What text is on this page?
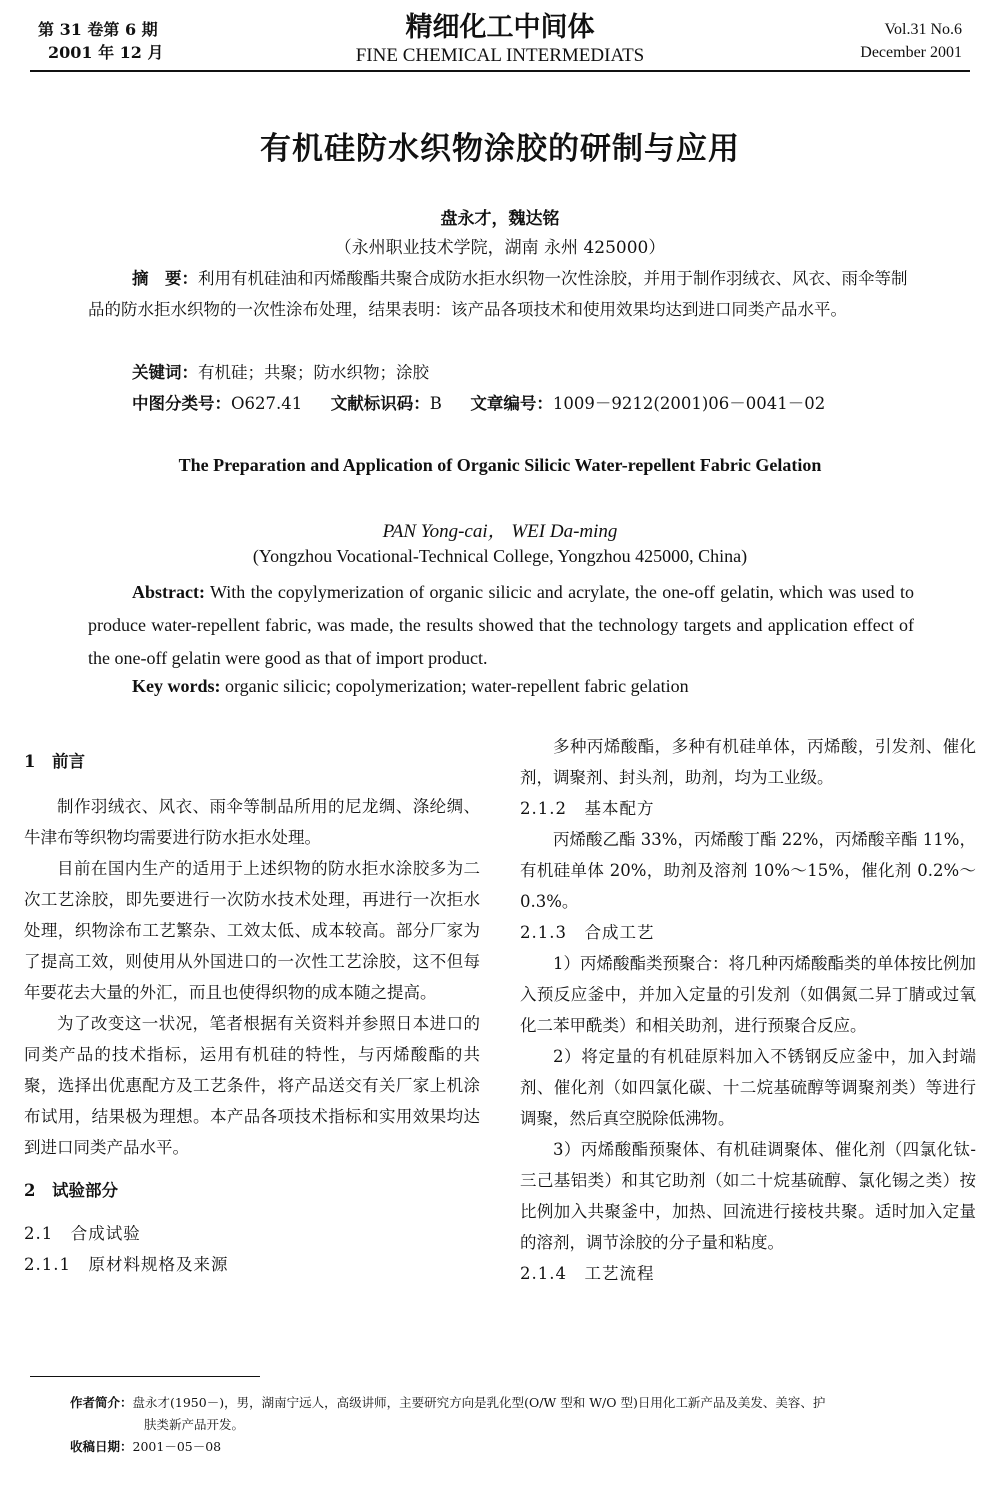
第 31 卷第 6 期
2001 年 12 月
精细化工中间体
FINE CHEMICAL INTERMEDIATS
Vol.31 No.6
December 2001
有机硅防水织物涂胶的研制与应用
盘永才，魏达铭
（永州职业技术学院，湖南 永州 425000）
摘　要：利用有机硅油和丙烯酸酯共聚合成防水拒水织物一次性涂胶，并用于制作羽绒衣、风衣、雨伞等制品的防水拒水织物的一次性涂布处理，结果表明：该产品各项技术和使用效果均达到进口同类产品水平。
关键词：有机硅；共聚；防水织物；涂胶
中图分类号：O627.41 文献标识码：B 文章编号：1009－9212(2001)06－0041－02
The Preparation and Application of Organic Silicic Water-repellent Fabric Gelation
PAN Yong-cai， WEI Da-ming
(Yongzhou Vocational-Technical College, Yongzhou 425000, China)
Abstract: With the copylymerization of organic silicic and acrylate, the one-off gelatin, which was used to produce water-repellent fabric, was made, the results showed that the technology targets and application effect of the one-off gelatin were good as that of import product.
Key words: organic silicic; copolymerization; water-repellent fabric gelation

1　前言

制作羽绒衣、风衣、雨伞等制品所用的尼龙绸、涤纶绸、牛津布等织物均需要进行防水拒水处理。

目前在国内生产的适用于上述织物的防水拒水涂胶多为二次工艺涂胶，即先要进行一次防水技术处理，再进行一次拒水处理，织物涂布工艺繁杂、工效太低、成本较高。部分厂家为了提高工效，则使用从外国进口的一次性工艺涂胶，这不但每年要花去大量的外汇，而且也使得织物的成本随之提高。

为了改变这一状况，笔者根据有关资料并参照日本进口的同类产品的技术指标，运用有机硅的特性，与丙烯酸酯的共聚，选择出优惠配方及工艺条件，将产品送交有关厂家上机涂布试用，结果极为理想。本产品各项技术指标和实用效果均达到进口同类产品水平。

2　试验部分

2.1　合成试验

2.1.1　原材料规格及来源

多种丙烯酸酯，多种有机硅单体，丙烯酸，引发剂、催化剂，调聚剂、封头剂，助剂，均为工业级。

2.1.2　基本配方

丙烯酸乙酯 33%，丙烯酸丁酯 22%，丙烯酸辛酯 11%，有机硅单体 20%，助剂及溶剂 10%～15%，催化剂 0.2%～0.3%。

2.1.3　合成工艺

1）丙烯酸酯类预聚合：将几种丙烯酸酯类的单体按比例加入预反应釜中，并加入定量的引发剂（如偶氮二异丁腈或过氧化二苯甲酰类）和相关助剂，进行预聚合反应。

2）将定量的有机硅原料加入不锈钢反应釜中，加入封端剂、催化剂（如四氯化碳、十二烷基硫醇等调聚剂类）等进行调聚，然后真空脱除低沸物。

3）丙烯酸酯预聚体、有机硅调聚体、催化剂（四氯化钛-三己基铝类）和其它助剂（如二十烷基硫醇、氯化锡之类）按比例加入共聚釜中，加热、回流进行接枝共聚。适时加入定量的溶剂，调节涂胶的分子量和粘度。

2.1.4　工艺流程

作者简介：盘永才(1950－)，男，湖南宁远人，高级讲师，主要研究方向是乳化型(O/W 型和 W/O 型)日用化工新产品及美发、美容、护
肤类新产品开发。
收稿日期：2001－05－08
